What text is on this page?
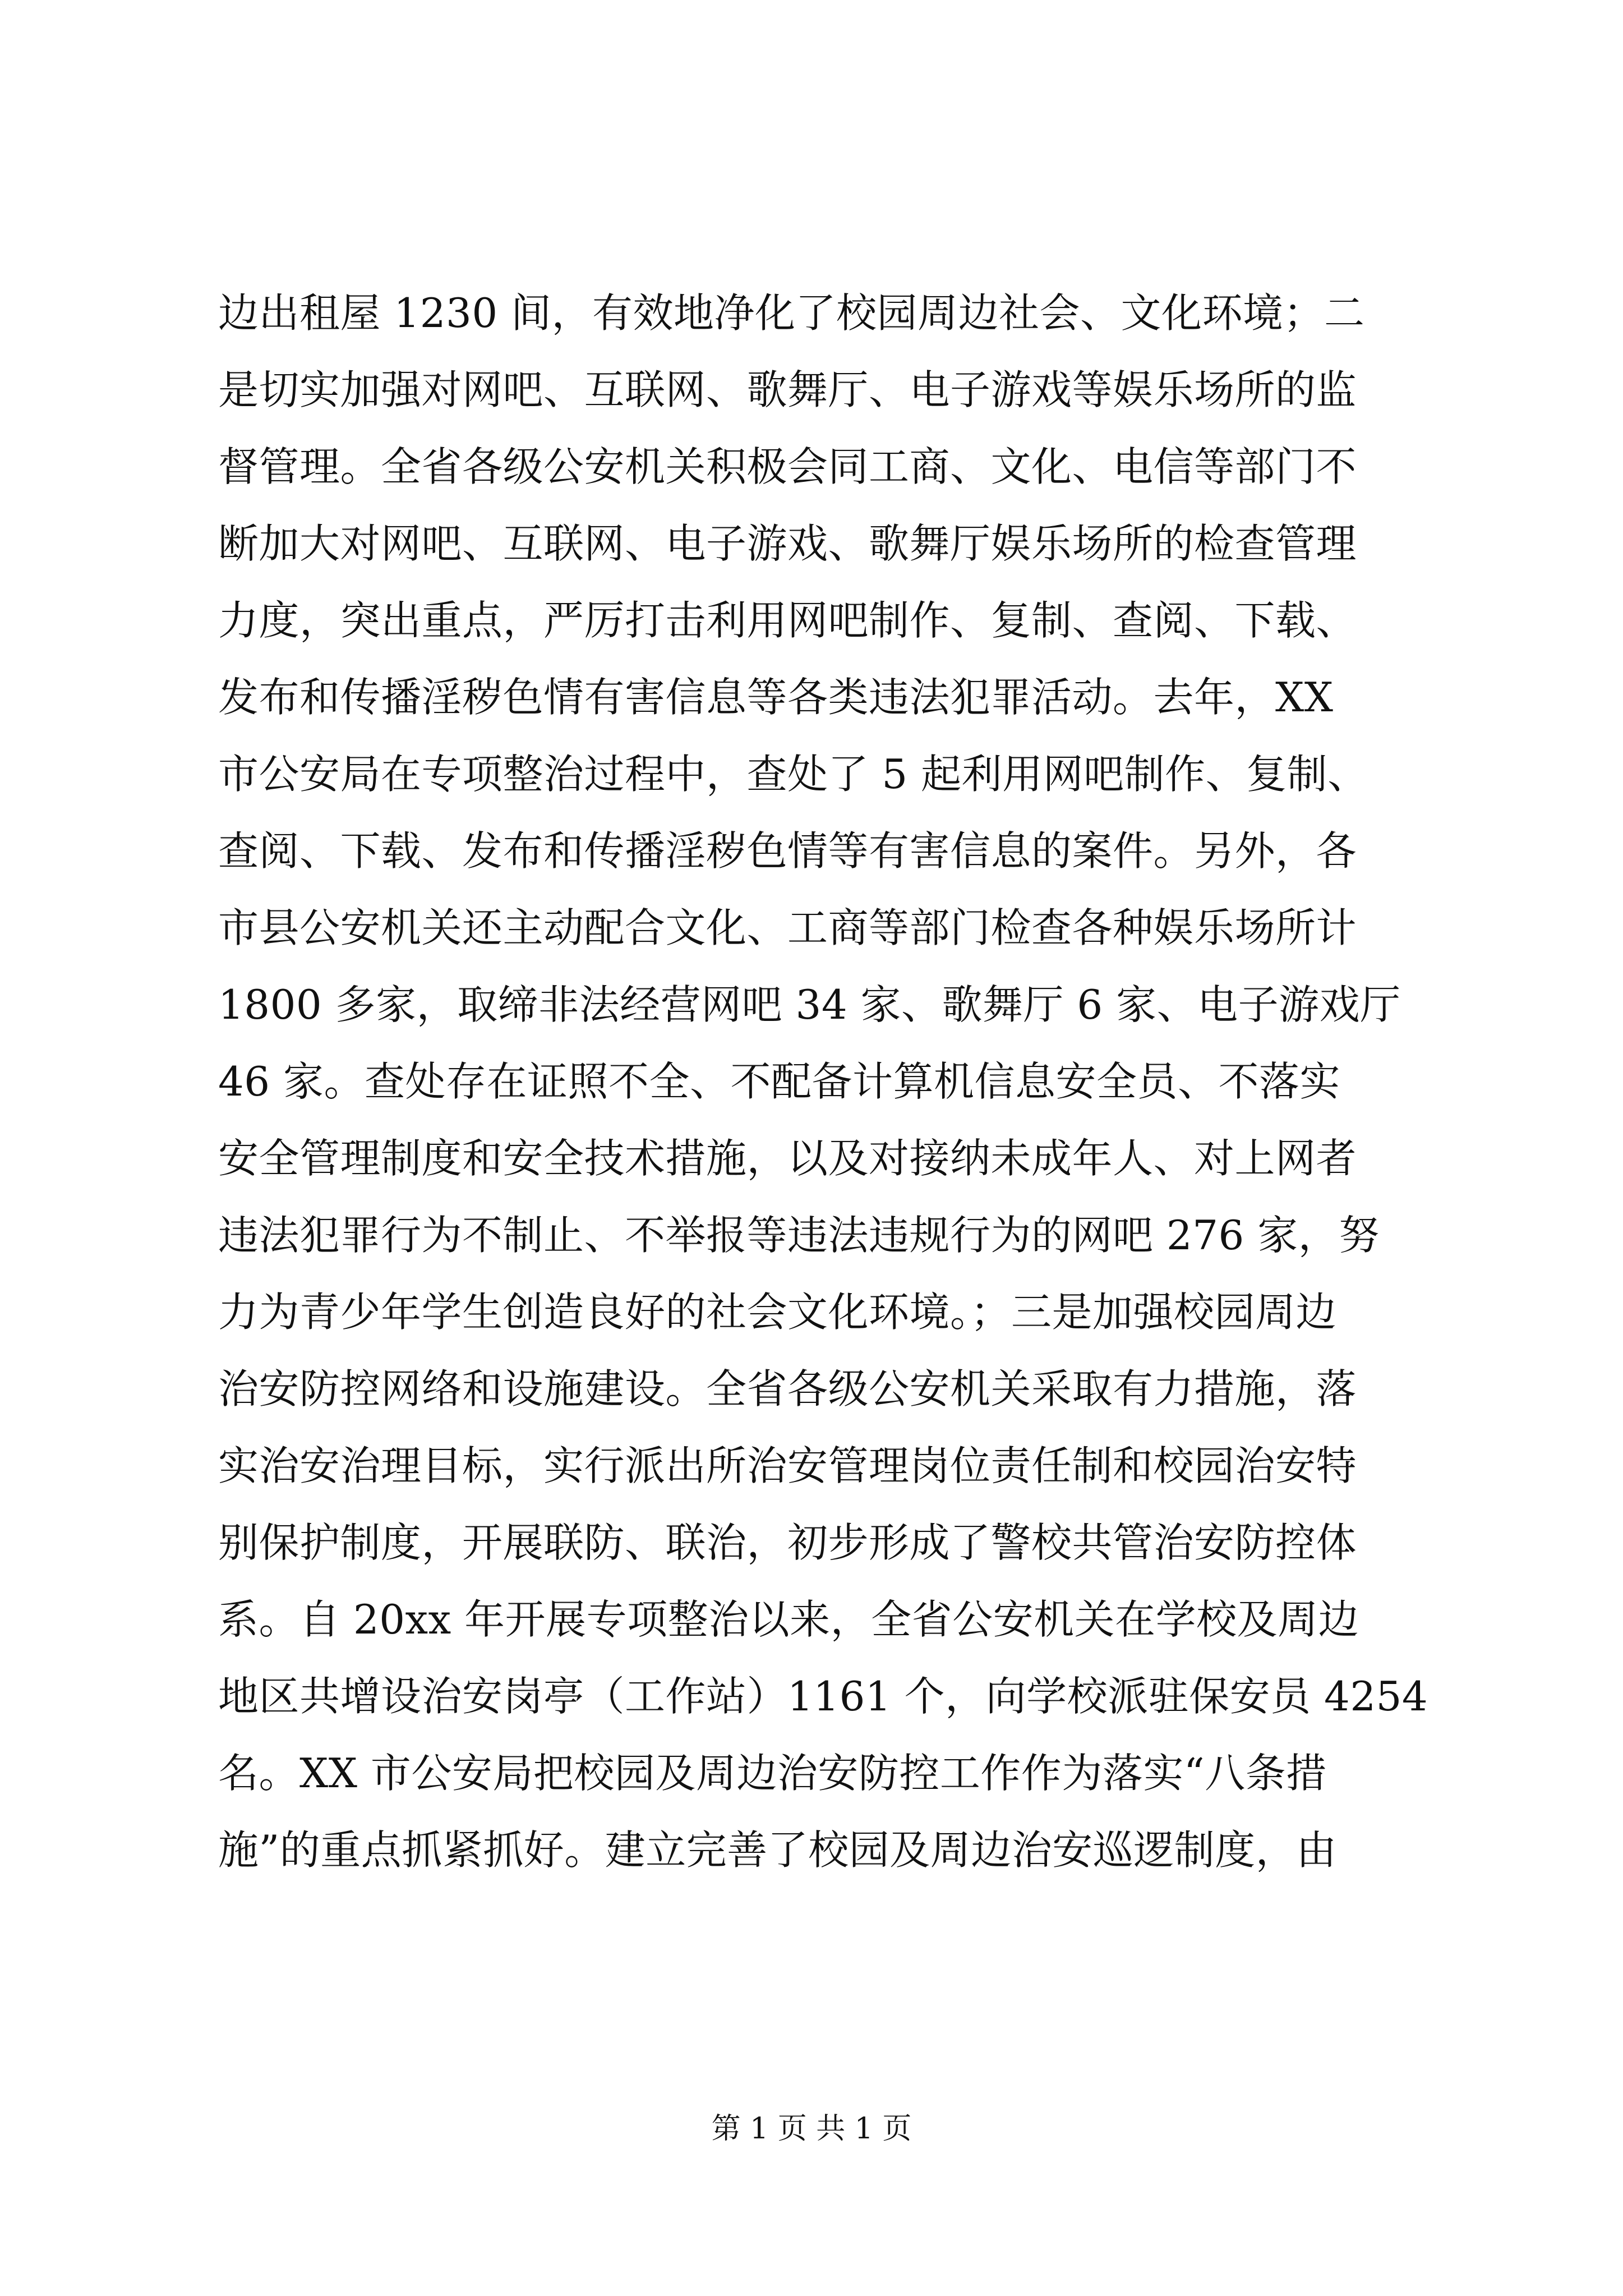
边出租屋 1230 间，有效地净化了校园周边社会、文化环境；二
是切实加强对网吧、互联网、歌舞厅、电子游戏等娱乐场所的监
督管理。全省各级公安机关积极会同工商、文化、电信等部门不
断加大对网吧、互联网、电子游戏、歌舞厅娱乐场所的检查管理
力度，突出重点，严厉打击利用网吧制作、复制、查阅、下载、
发布和传播淫秽色情有害信息等各类违法犯罪活动。去年，XX
市公安局在专项整治过程中，查处了 5 起利用网吧制作、复制、
查阅、下载、发布和传播淫秽色情等有害信息的案件。另外，各
市县公安机关还主动配合文化、工商等部门检查各种娱乐场所计
1800 多家，取缔非法经营网吧 34 家、歌舞厅 6 家、电子游戏厅
46 家。查处存在证照不全、不配备计算机信息安全员、不落实
安全管理制度和安全技术措施，以及对接纳未成年人、对上网者
违法犯罪行为不制止、不举报等违法违规行为的网吧 276 家，努
力为青少年学生创造良好的社会文化环境。；三是加强校园周边
治安防控网络和设施建设。全省各级公安机关采取有力措施，落
实治安治理目标，实行派出所治安管理岗位责任制和校园治安特
别保护制度，开展联防、联治，初步形成了警校共管治安防控体
系。自 20xx 年开展专项整治以来，全省公安机关在学校及周边
地区共增设治安岗亭（工作站）1161 个，向学校派驻保安员 4254
名。XX 市公安局把校园及周边治安防控工作作为落实“八条措
施”的重点抓紧抓好。建立完善了校园及周边治安巡逻制度，由
第 1 页 共 1 页
